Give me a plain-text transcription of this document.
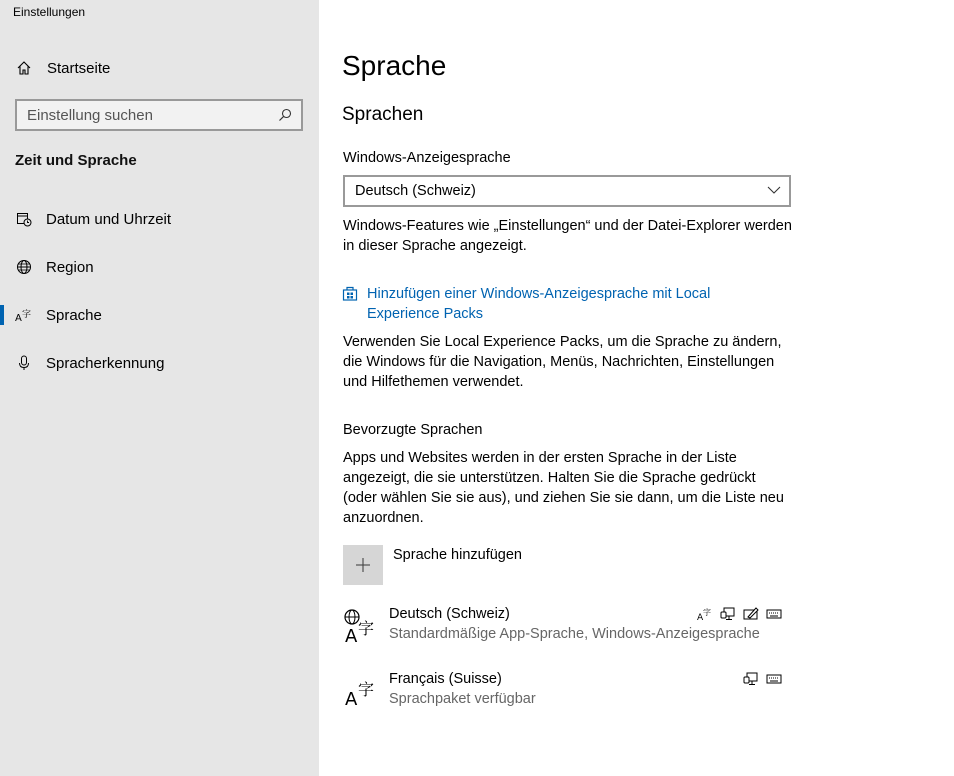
Einstellungen
Startseite
Einstellung suchen
Zeit und Sprache
Datum und Uhrzeit
Region
A 字 Sprache
Spracherkennung
Sprache
Sprachen
Windows-Anzeigesprache
Deutsch (Schweiz)
Windows-Features wie „Einstellungen“ und der Datei-Explorer werden in dieser Sprache angezeigt.
Hinzufügen einer Windows-Anzeigesprache mit Local Experience Packs
Verwenden Sie Local Experience Packs, um die Sprache zu ändern, die Windows für die Navigation, Menüs, Nachrichten, Einstellungen und Hilfethemen verwendet.
Bevorzugte Sprachen
Apps und Websites werden in der ersten Sprache in der Liste angezeigt, die sie unterstützen. Halten Sie die Sprache gedrückt (oder wählen Sie sie aus), und ziehen Sie sie dann, um die Liste neu anzuordnen.
Sprache hinzufügen
A 字
Deutsch (Schweiz)
Standardmäßige App-Sprache, Windows-Anzeigesprache
A
字
A 字
Français (Suisse)
Sprachpaket verfügbar
